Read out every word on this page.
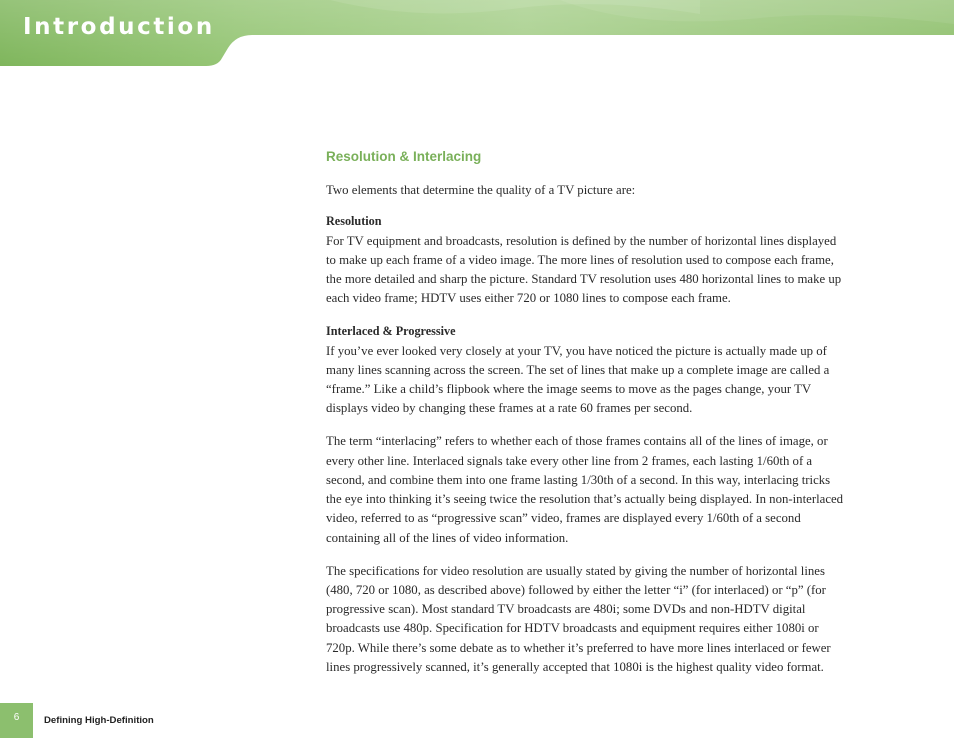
Introduction
Resolution & Interlacing

Two elements that determine the quality of a TV picture are:

Resolution
For TV equipment and broadcasts, resolution is defined by the number of horizontal lines displayed to make up each frame of a video image. The more lines of resolution used to compose each frame, the more detailed and sharp the picture. Standard TV resolution uses 480 horizontal lines to make up each video frame; HDTV uses either 720 or 1080 lines to compose each frame.

Interlaced & Progressive
If you’ve ever looked very closely at your TV, you have noticed the picture is actually made up of many lines scanning across the screen. The set of lines that make up a complete image are called a “frame.” Like a child’s flipbook where the image seems to move as the pages change, your TV displays video by changing these frames at a rate 60 frames per second.

The term “interlacing” refers to whether each of those frames contains all of the lines of image, or every other line. Interlaced signals take every other line from 2 frames, each lasting 1/60th of a second, and combine them into one frame lasting 1/30th of a second. In this way, interlacing tricks the eye into thinking it’s seeing twice the resolution that’s actually being displayed. In non-interlaced video, referred to as “progressive scan” video, frames are displayed every 1/60th of a second containing all of the lines of video information.

The specifications for video resolution are usually stated by giving the number of horizontal lines (480, 720 or 1080, as described above) followed by either the letter “i” (for interlaced) or “p” (for progressive scan). Most standard TV broadcasts are 480i; some DVDs and non-HDTV digital broadcasts use 480p. Specification for HDTV broadcasts and equipment requires either 1080i or 720p. While there’s some debate as to whether it’s preferred to have more lines interlaced or fewer lines progressively scanned, it’s generally accepted that 1080i is the highest quality video format.

6	Defining High-Definition
